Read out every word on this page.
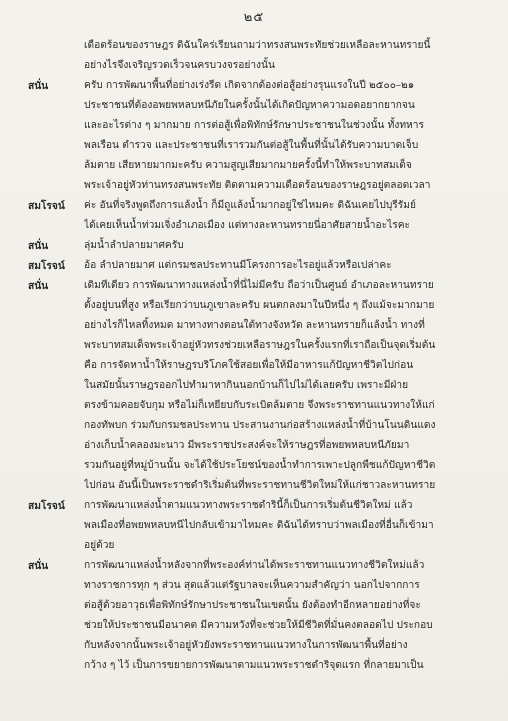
๒๕
เดือดร้อนของราษฎร ดิฉันใคร่เรียนถามว่าทรงสนพระทัยช่วยเหลือละหานทรายนี้
อย่างไรจึงเจริญรวดเร็วจนครบวงจรอย่างนั้น
สนั่น	ครับ การพัฒนาพื้นที่อย่างเร่งรีด เกิดจากต้องต่อสู้อย่างรุนแรงในปี ๒๕๐๐–๒๑
ประชาชนที่ต้องอพยพหลบหนีภัยในครั้งนั้นได้เกิดปัญหาความอดอยากยากจน
และอะไรต่าง ๆ มากมาย การต่อสู้เพื่อพิทักษ์รักษาประชาชนในช่วงนั้น ทั้งทหาร
พลเรือน ตำรวจ และประชาชนที่เรารวมกันต่อสู้ในพื้นที่นั้นได้รับความบาดเจ็บ
ล้มตาย เสียหายมากมะครับ ความสูญเสียมากมายครั้งนี้ทำให้พระบาทสมเด็จ
พระเจ้าอยู่หัวท่านทรงสนพระทัย ติดตามความเดือดร้อนของราษฎรอยู่ตลอดเวลา
สมโรจน์	ค่ะ อันที่จริงพูดถึงการแล้งน้ำ ก็มีถูแล้งน้ำมากอยู่ใช่ไหมคะ ดิฉันเคยไปบุรีรัมย์
ได้เคยเห็นน้ำท่วมเจิ่งอำเภอเมือง แต่ทางละหานทรายนี่อาศัยสายน้ำอะไรคะ
สนั่น	ลุ่มน้ำลำปลายมาศครับ
สมโรจน์	อ้อ ลำปลายมาศ แต่กรมชลประทานมีโครงการอะไรอยู่แล้วหรือเปล่าคะ
สนั่น	เดิมทีเดียว การพัฒนาทางแหล่งน้ำที่นี่ไม่มีครับ ถือว่าเป็นศูนย์ อำเภอละหานทราย
ตั้งอยู่บนที่สูง หรือเรียกว่าบนภูเขาละครับ ผนตกลงมาในปีหนึ่ง ๆ ถึงแม้จะมากมาย
อย่างไรก็ไหลทิ้งหมด มาทางทางตอนใต้ทางจังหวัด ละหานทรายก็แล้งน้ำ ทางที่
พระบาทสมเด็จพระเจ้าอยู่หัวทรงช่วยเหลือราษฎรในครั้งแรกที่เราถือเป็นจุดเริ่มต้น
คือ การจัดหาน้ำให้ราษฎรบริโภคใช้สอยเพื่อให้มีอาหารแก้ปัญหาชีวิตไปก่อน
ในสมัยนั้นราษฎรออกไปทำมาหากินนอกบ้านก็ไปไม่ได้เลยครับ เพราะมีฝ่าย
ตรงข้ามคอยจับกุม หรือไม่ก็เหยียบกับระเบิดล้มตาย จึงพระราชทานแนวทางให้แก่
กองทัพบก ร่วมกับกรมชลประทาน ประสานงานก่อสร้างแหล่งน้ำที่บ้านโนนดินแดง
อ่างเก็บน้ำคลองมะนาว มีพระราชประสงค์จะให้ราษฎรที่อพยพหลบหนีภัยมา
รวมกันอยู่ที่หมู่บ้านนั้น จะได้ใช้ประโยชน์ของน้ำทำการเพาะปลูกพืชแก้ปัญหาชีวิต
ไปก่อน อันนี้เป็นพระราชดำริเริ่มต้นที่พระราชทานชีวิตใหม่ให้แก่ชาวละหานทราย
สมโรจน์	การพัฒนาแหล่งน้ำตามแนวทางพระราชดำรินี้ก็เป็นการเริ่มต้นชีวิตใหม่ แล้ว
พลเมืองที่อพยพหลบหนีไปกลับเข้ามาไหมคะ ดิฉันได้ทราบว่าพลเมืองที่อื่นก็เข้ามา
อยู่ด้วย
สนั่น	การพัฒนาแหล่งน้ำหลังจากที่พระองค์ท่านได้พระราชทานแนวทางชีวิตใหม่แล้ว
ทางราชการทุก ๆ ส่วน สุดแล้วแต่รัฐบาลจะเห็นความสำคัญว่า นอกไปจากการ
ต่อสู้ด้วยอาวุธเพื่อพิทักษ์รักษาประชาชนในเขตนั้น ยังต้องทำอีกหลายอย่างที่จะ
ช่วยให้ประชาชนมีอนาคต มีความหวังที่จะช่วยให้มีชีวิตที่มั่นคงตลอดไป ประกอบ
กับหลังจากนั้นพระเจ้าอยู่หัวยังพระราชทานแนวทางในการพัฒนาพื้นที่อย่าง
กว้าง ๆ ไว้ เป็นการขยายการพัฒนาตามแนวพระราชดำริจุดแรก ที่กลายมาเป็น
